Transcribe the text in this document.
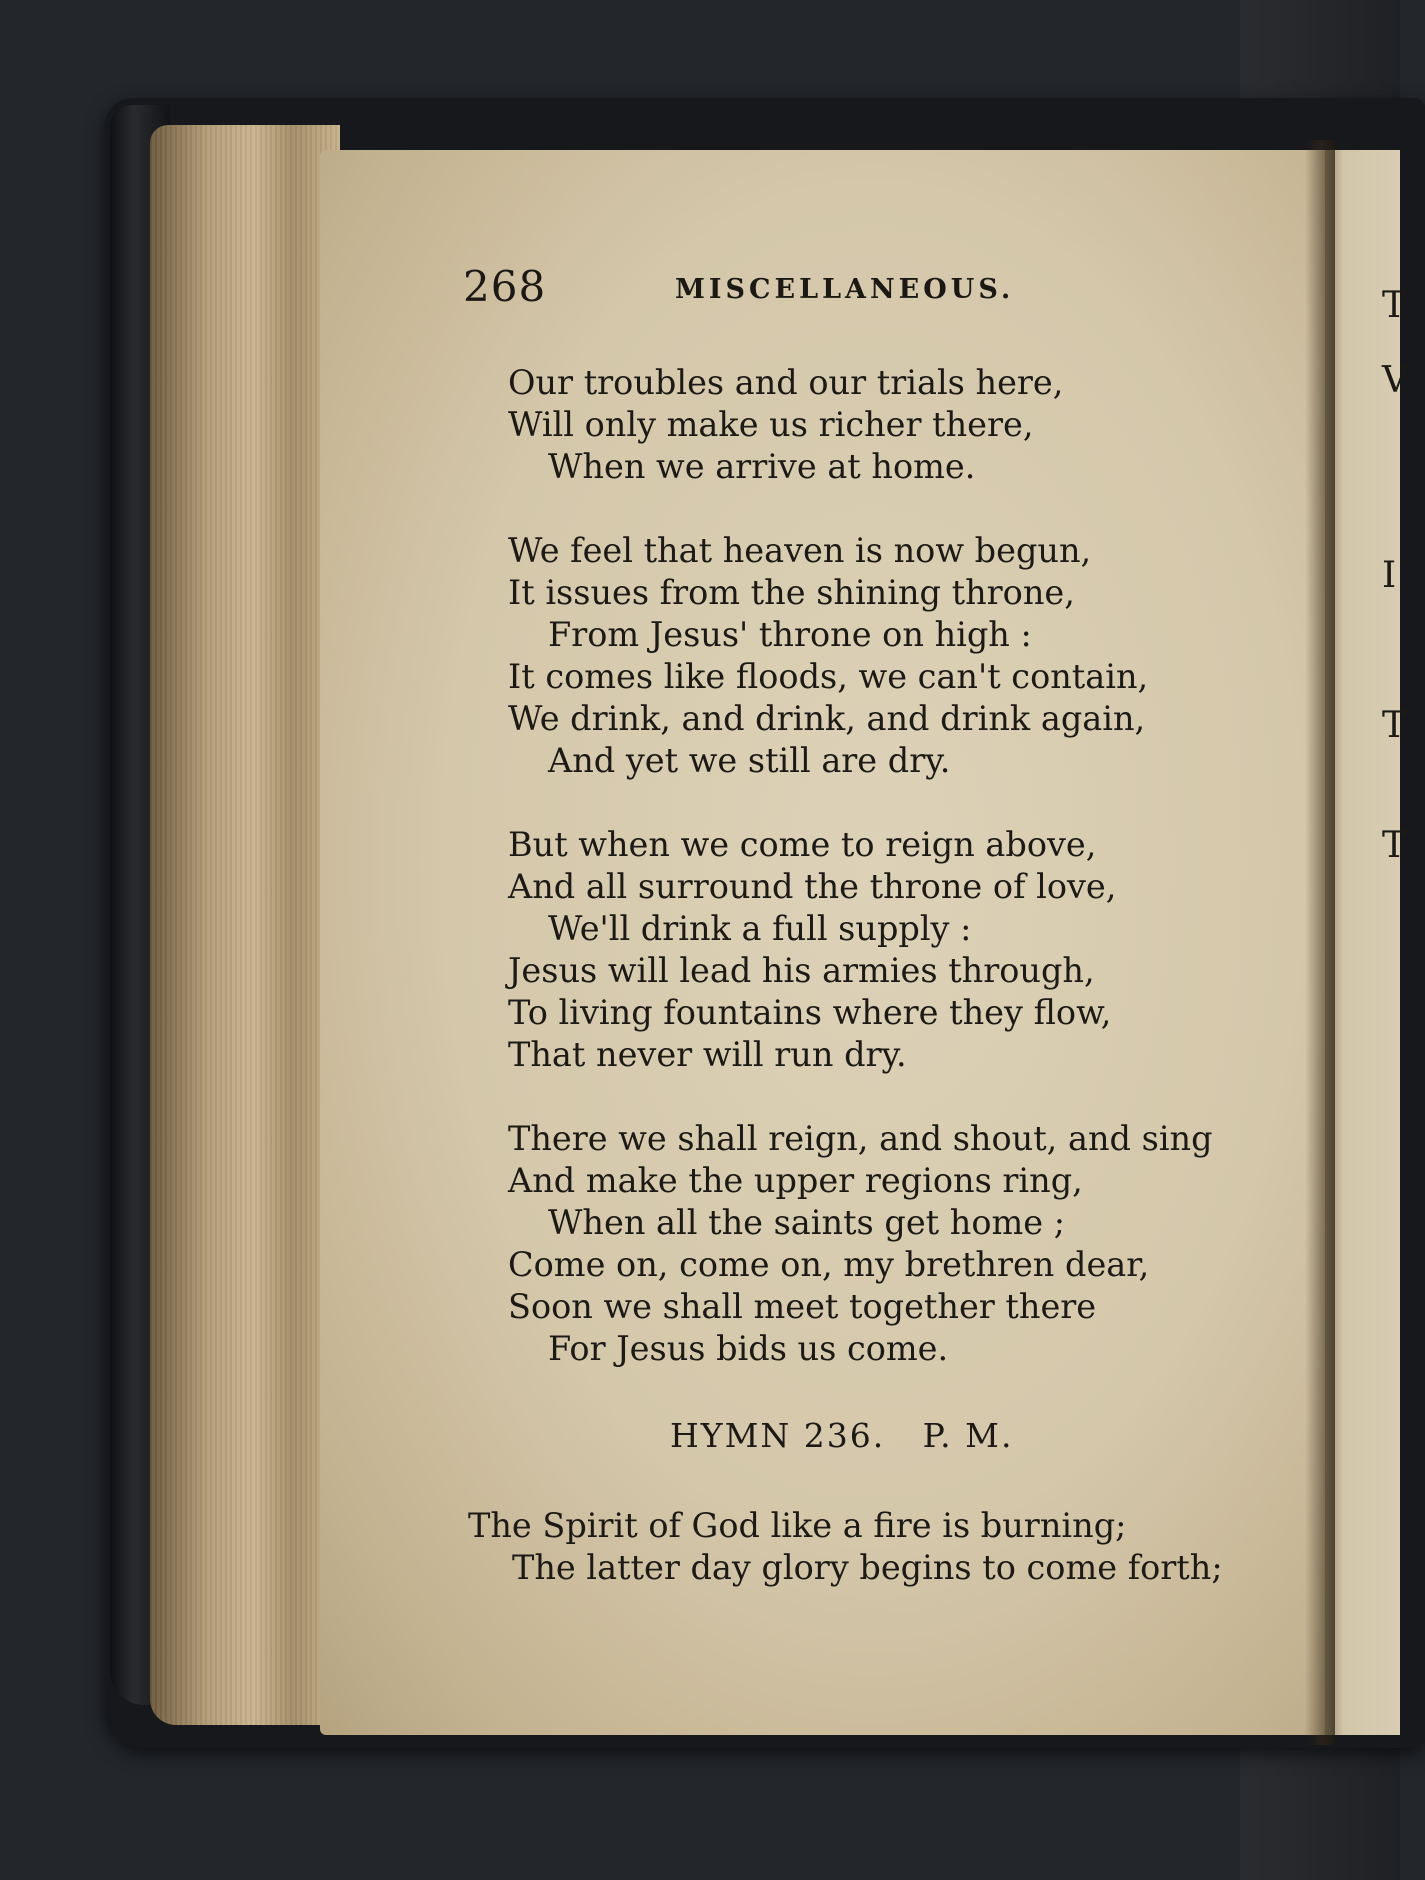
T
V
I
T
T
268	MISCELLANEOUS.
Our troubles and our trials here,
Will only make us richer there,
When we arrive at home.
We feel that heaven is now begun,
It issues from the shining throne,
From Jesus' throne on high :
It comes like floods, we can't contain,
We drink, and drink, and drink again,
And yet we still are dry.
But when we come to reign above,
And all surround the throne of love,
We'll drink a full supply :
Jesus will lead his armies through,
To living fountains where they flow,
That never will run dry.
There we shall reign, and shout, and sing
And make the upper regions ring,
When all the saints get home ;
Come on, come on, my brethren dear,
Soon we shall meet together there
For Jesus bids us come.
HYMN 236.   P. M.
The Spirit of God like a fire is burning;
The latter day glory begins to come forth;
